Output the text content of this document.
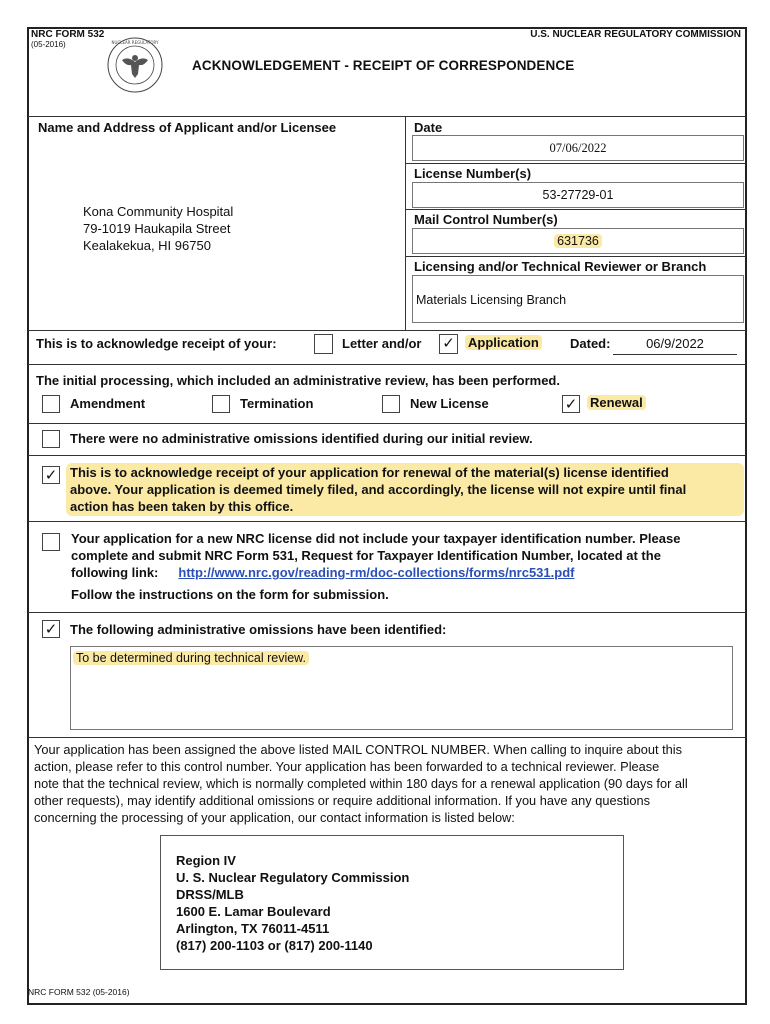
NRC FORM 532
(05-2016)
U.S. NUCLEAR REGULATORY COMMISSION
NUCLEAR REGULATORY
ACKNOWLEDGEMENT - RECEIPT OF CORRESPONDENCE
Name and Address of Applicant and/or Licensee
Kona Community Hospital
79-1019 Haukapila Street
Kealakekua, HI 96750
Date
07/06/2022
License Number(s)
53-27729-01
Mail Control Number(s)
631736
Licensing and/or Technical Reviewer or Branch
Materials Licensing Branch
This is to acknowledge receipt of your:	Letter and/or ✓ Application Dated:	06/9/2022
The initial processing, which included an administrative review, has been performed.
Amendment	Termination	New License	✓ Renewal
There were no administrative omissions identified during our initial review.
✓ This is to acknowledge receipt of your application for renewal of the material(s) license identified
above. Your application is deemed timely filed, and accordingly, the license will not expire until final
action has been taken by this office.
Your application for a new NRC license did not include your taxpayer identification number. Please
complete and submit NRC Form 531, Request for Taxpayer Identification Number, located at the
following link: http://www.nrc.gov/reading-rm/doc-collections/forms/nrc531.pdf
Follow the instructions on the form for submission.
✓ The following administrative omissions have been identified:
To be determined during technical review.
Your application has been assigned the above listed MAIL CONTROL NUMBER. When calling to inquire about this
action, please refer to this control number. Your application has been forwarded to a technical reviewer. Please
note that the technical review, which is normally completed within 180 days for a renewal application (90 days for all
other requests), may identify additional omissions or require additional information. If you have any questions
concerning the processing of your application, our contact information is listed below:
Region IV
U. S. Nuclear Regulatory Commission
DRSS/MLB
1600 E. Lamar Boulevard
Arlington, TX 76011-4511
(817) 200-1103 or (817) 200-1140
NRC FORM 532 (05-2016)
